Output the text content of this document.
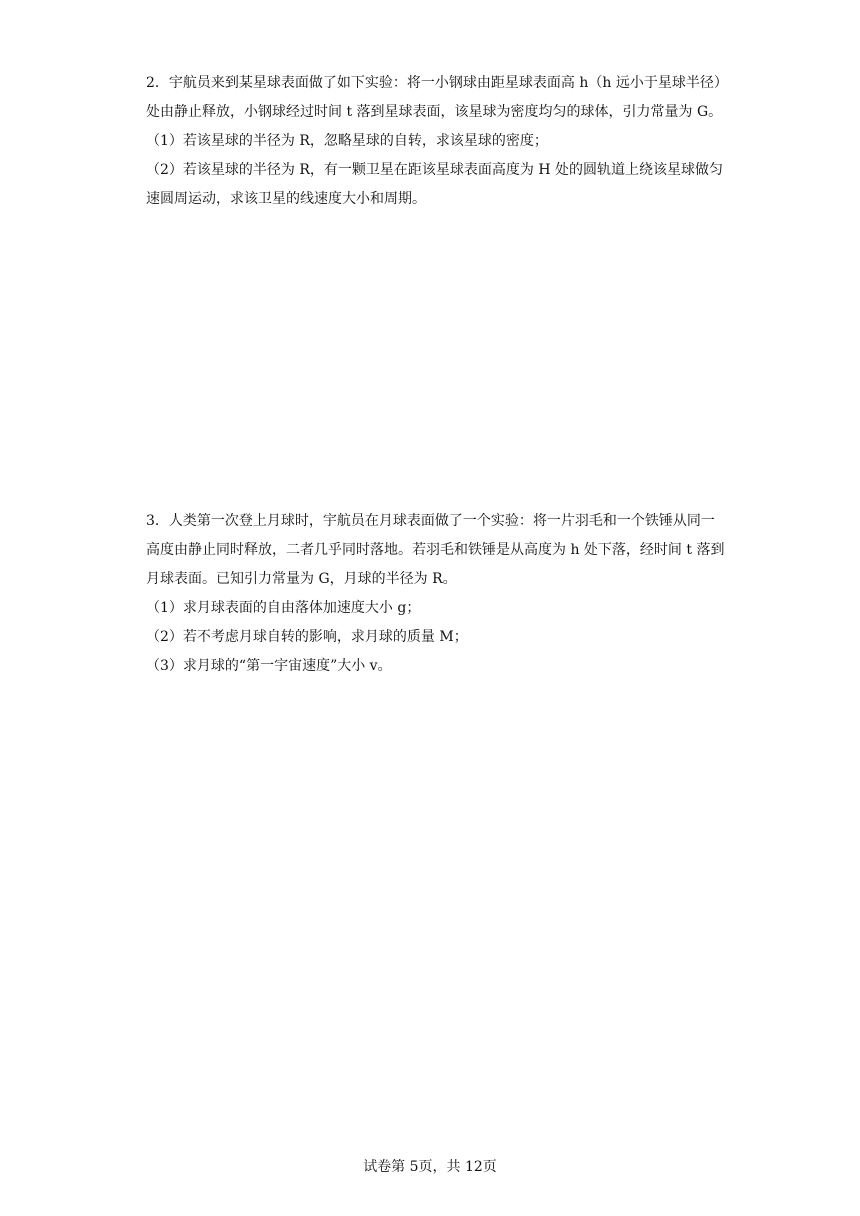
2．宇航员来到某星球表面做了如下实验：将一小钢球由距星球表面高 h（h 远小于星球半径）处由静止释放，小钢球经过时间 t 落到星球表面，该星球为密度均匀的球体，引力常量为 G。

（1）若该星球的半径为 R，忽略星球的自转，求该星球的密度；

（2）若该星球的半径为 R，有一颗卫星在距该星球表面高度为 H 处的圆轨道上绕该星球做匀速圆周运动，求该卫星的线速度大小和周期。

3．人类第一次登上月球时，宇航员在月球表面做了一个实验：将一片羽毛和一个铁锤从同一高度由静止同时释放，二者几乎同时落地。若羽毛和铁锤是从高度为 h 处下落，经时间 t 落到月球表面。已知引力常量为 G，月球的半径为 R。

（1）求月球表面的自由落体加速度大小 g；

（2）若不考虑月球自转的影响，求月球的质量 M；

（3）求月球的“第一宇宙速度”大小 v。

试卷第 5页，共 12页
